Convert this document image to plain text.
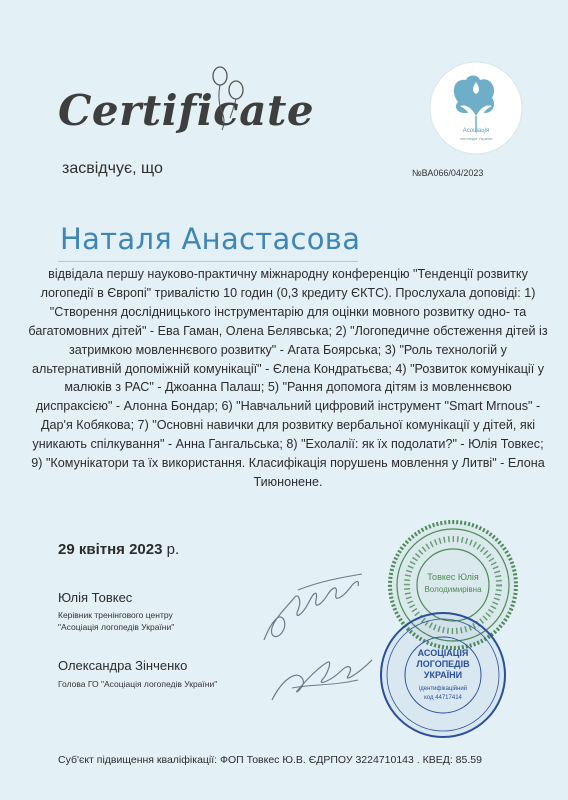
Certificate
засвідчує, що
Асоціація
логопедів України
№ВА066/04/2023
Наталя Анастасова
відвідала першу науково-практичну міжнародну конференцію "Тенденції розвитку логопедії в Європі" тривалістю 10 годин (0,3 кредиту ЄКТС). Прослухала доповіді: 1) "Створення дослідницького інструментарію для оцінки мовного розвитку одно- та багатомовних дітей" - Ева Гаман, Олена Белявська; 2) "Логопедичне обстеження дітей із затримкою мовленнєвого розвитку" - Агата Боярська; 3) "Роль технологій у альтернативній допоміжній комунікації" - Єлена Кондратьєва; 4) "Розвиток комунікації у малюків з РАС" - Джоанна Палаш; 5) "Рання допомога дітям із мовленнєвою диспраксією" - Алонна Бондар; 6) "Навчальний цифровий інструмент "Smart Mrnous" - Дар'я Кобякова; 7) "Основні навички для розвитку вербальної комунікації у дітей, які уникають спілкування" - Анна Гангальська; 8) "Ехолалії: як їх подолати?" - Юлія Товкес; 9) "Комунікатори та їх використання. Класифікація порушень мовлення у Литві" - Елона Тиюнонене.
29 квітня 2023 р.
Юлія Товкес
Керівник тренінгового центру
"Асоціація логопедів України"
Олександра Зінченко
Голова ГО "Асоціація логопедів України"
Товкес Юлія
Володимирівна
АСОЦІАЦІЯ
ЛОГОПЕДІВ
УКРАЇНИ
ідентифікаційний
код 44717414
Суб'єкт підвищення кваліфікації: ФОП Товкес Ю.В. ЄДРПОУ 3224710143 . КВЕД: 85.59
